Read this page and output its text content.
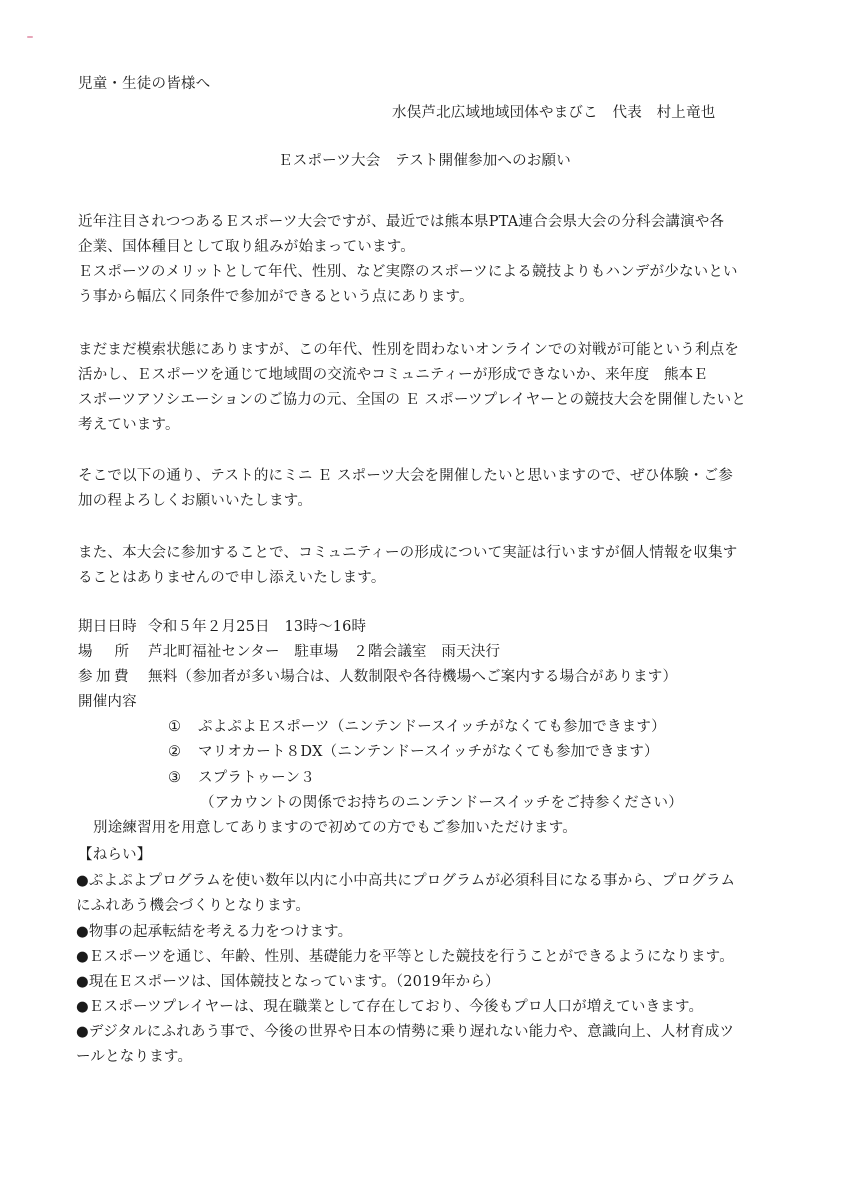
児童・生徒の皆様へ
水俣芦北広域地域団体やまびこ　代表　村上竜也
Ｅスポーツ大会　テスト開催参加へのお願い
近年注目されつつあるＥスポーツ大会ですが、最近では熊本県PTA連合会県大会の分科会講演や各
企業、国体種目として取り組みが始まっています。
Ｅスポーツのメリットとして年代、性別、など実際のスポーツによる競技よりもハンデが少ないとい
う事から幅広く同条件で参加ができるという点にあります。
まだまだ模索状態にありますが、この年代、性別を問わないオンラインでの対戦が可能という利点を
活かし、Ｅスポーツを通じて地域間の交流やコミュニティーが形成できないか、来年度　熊本Ｅ
スポーツアソシエーションのご協力の元、全国の Ｅ スポーツプレイヤーとの競技大会を開催したいと
考えています。
そこで以下の通り、テスト的にミニ Ｅ スポーツ大会を開催したいと思いますので、ぜひ体験・ご参
加の程よろしくお願いいたします。
また、本大会に参加することで、コミュニティーの形成について実証は行いますが個人情報を収集す
ることはありませんので申し添えいたします。
期日日時 令和５年２月25日　13時～16時
場所芦北町福祉センター　駐車場　２階会議室　雨天決行
参加費 無料（参加者が多い場合は、人数制限や各待機場へご案内する場合があります）
開催内容
① ぷよぷよＥスポーツ（ニンテンドースイッチがなくても参加できます）
② マリオカート８DX（ニンテンドースイッチがなくても参加できます）
③ スプラトゥーン３
（アカウントの関係でお持ちのニンテンドースイッチをご持参ください）
別途練習用を用意してありますので初めての方でもご参加いただけます。
【ねらい】
●ぷよぷよプログラムを使い数年以内に小中高共にプログラムが必須科目になる事から、プログラム
にふれあう機会づくりとなります。
●物事の起承転結を考える力をつけます。
●Ｅスポーツを通じ、年齢、性別、基礎能力を平等とした競技を行うことができるようになります。
●現在Ｅスポーツは、国体競技となっています。（2019年から）
●Ｅスポーツプレイヤーは、現在職業として存在しており、今後もプロ人口が増えていきます。
●デジタルにふれあう事で、今後の世界や日本の情勢に乗り遅れない能力や、意識向上、人材育成ツ
ールとなります。
